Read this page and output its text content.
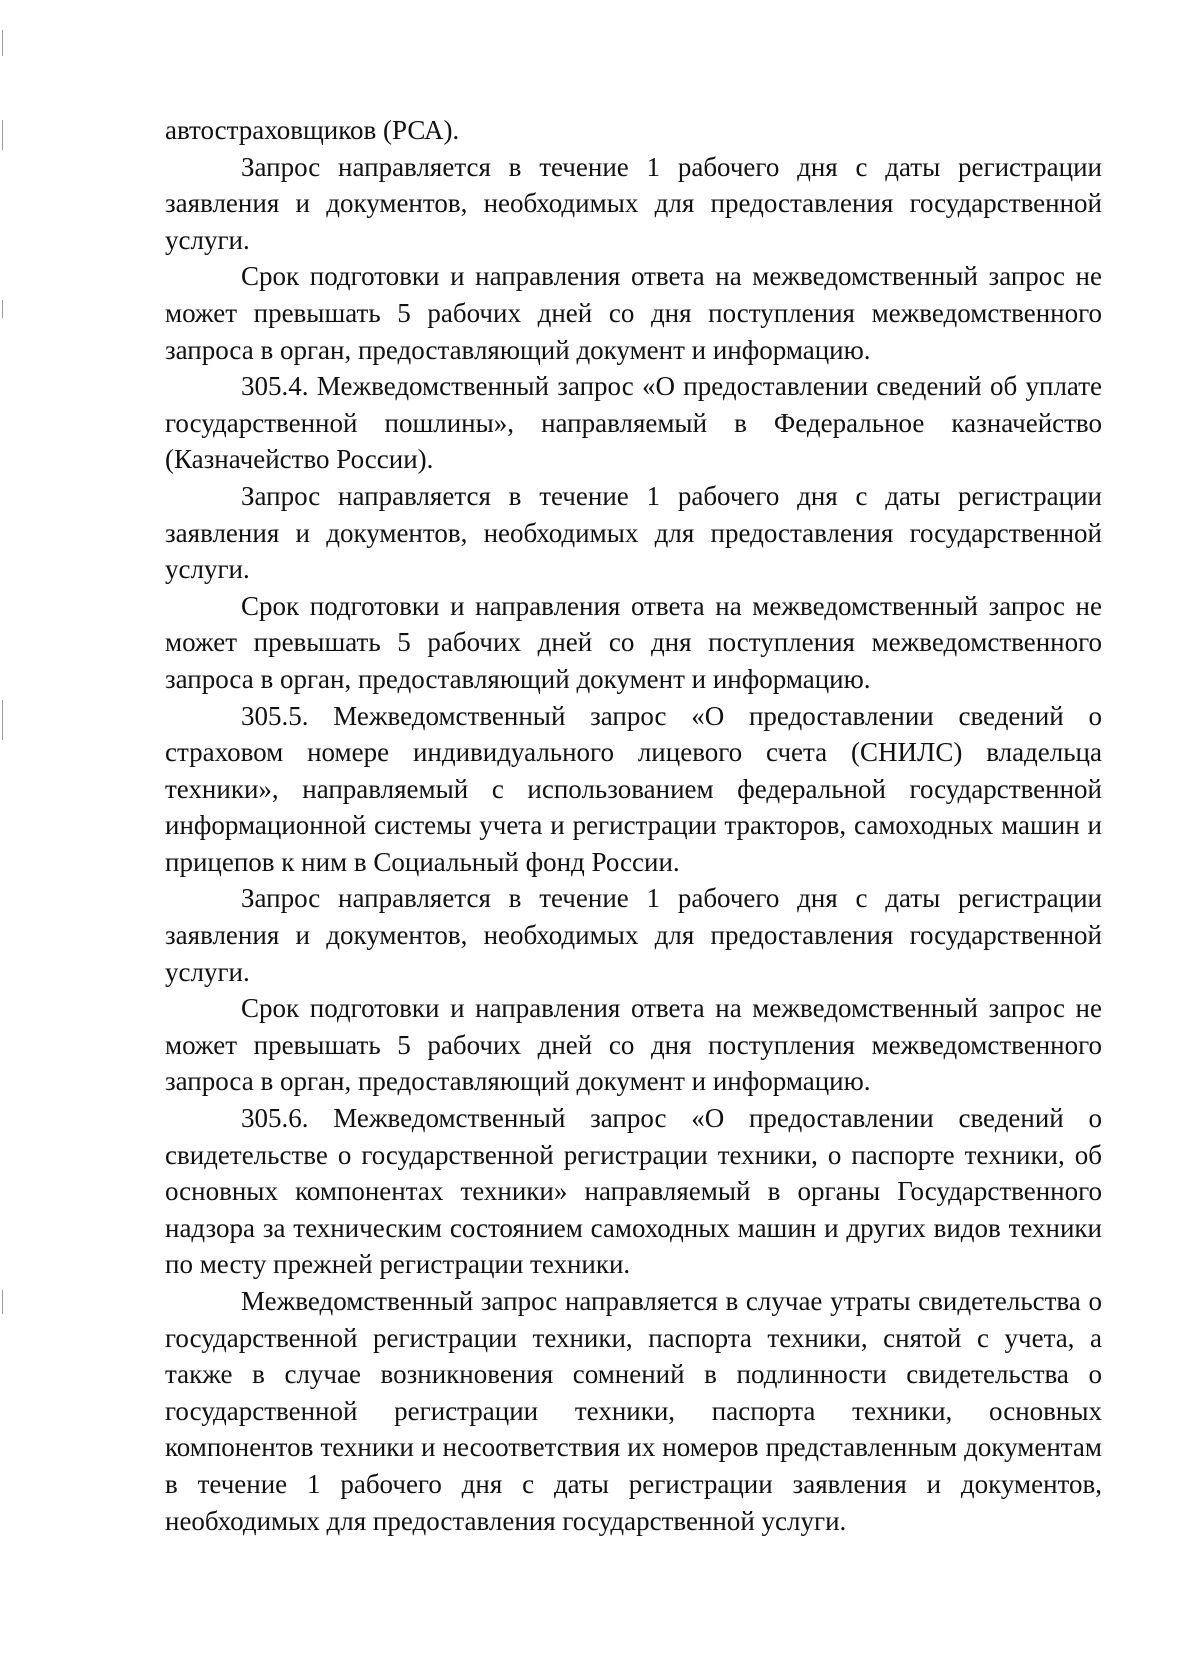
автостраховщиков (РСА).

Запрос направляется в течение 1 рабочего дня с даты регистрации заявления и документов, необходимых для предоставления государственной услуги.

Срок подготовки и направления ответа на межведомственный запрос не может превышать 5 рабочих дней со дня поступления межведомственного запроса в орган, предоставляющий документ и информацию.

305.4. Межведомственный запрос «О предоставлении сведений об уплате государственной пошлины», направляемый в Федеральное казначейство (Казначейство России).

Запрос направляется в течение 1 рабочего дня с даты регистрации заявления и документов, необходимых для предоставления государственной услуги.

Срок подготовки и направления ответа на межведомственный запрос не может превышать 5 рабочих дней со дня поступления межведомственного запроса в орган, предоставляющий документ и информацию.

305.5. Межведомственный запрос «О предоставлении сведений о страховом номере индивидуального лицевого счета (СНИЛС) владельца техники», направляемый с использованием федеральной государственной информационной системы учета и регистрации тракторов, самоходных машин и прицепов к ним в Социальный фонд России.

Запрос направляется в течение 1 рабочего дня с даты регистрации заявления и документов, необходимых для предоставления государственной услуги.

Срок подготовки и направления ответа на межведомственный запрос не может превышать 5 рабочих дней со дня поступления межведомственного запроса в орган, предоставляющий документ и информацию.

305.6. Межведомственный запрос «О предоставлении сведений о свидетельстве о государственной регистрации техники, о паспорте техники, об основных компонентах техники» направляемый в органы Государственного надзора за техническим состоянием самоходных машин и других видов техники по месту прежней регистрации техники.

Межведомственный запрос направляется в случае утраты свидетельства о государственной регистрации техники, паспорта техники, снятой с учета, а также в случае возникновения сомнений в подлинности свидетельства о государственной регистрации техники, паспорта техники, основных компонентов техники и несоответствия их номеров представленным документам в течение 1 рабочего дня с даты регистрации заявления и документов, необходимых для предоставления государственной услуги.
